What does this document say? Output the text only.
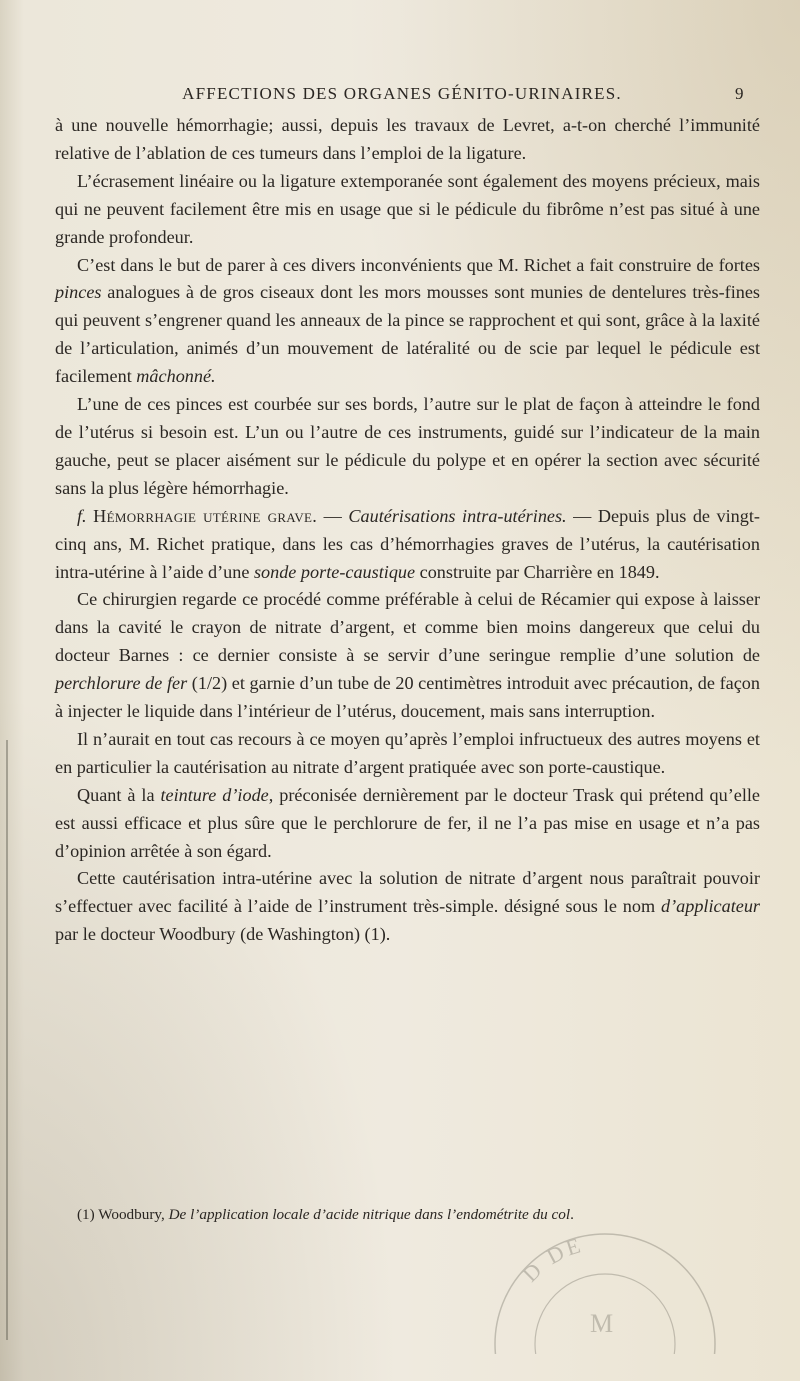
AFFECTIONS DES ORGANES GÉNITO-URINAIRES.	9

à une nouvelle hémorrhagie; aussi, depuis les travaux de Levret, a-t-on cherché l’immunité relative de l’ablation de ces tumeurs dans l’emploi de la ligature.

L’écrasement linéaire ou la ligature extemporanée sont également des moyens précieux, mais qui ne peuvent facilement être mis en usage que si le pédicule du fibrôme n’est pas situé à une grande profondeur.

C’est dans le but de parer à ces divers inconvénients que M. Richet a fait construire de fortes pinces analogues à de gros ciseaux dont les mors mousses sont munies de dentelures très-fines qui peuvent s’engrener quand les anneaux de la pince se rapprochent et qui sont, grâce à la laxité de l’articulation, animés d’un mouvement de latéralité ou de scie par lequel le pédicule est facilement mâchonné.

L’une de ces pinces est courbée sur ses bords, l’autre sur le plat de façon à atteindre le fond de l’utérus si besoin est. L’un ou l’autre de ces instruments, guidé sur l’indicateur de la main gauche, peut se placer aisément sur le pédicule du polype et en opérer la section avec sécurité sans la plus légère hémorrhagie.

f. Hémorrhagie utérine grave. — Cautérisations intra-utérines. — Depuis plus de vingt-cinq ans, M. Richet pratique, dans les cas d’hémorrhagies graves de l’utérus, la cautérisation intra-utérine à l’aide d’une sonde porte-caustique construite par Charrière en 1849.

Ce chirurgien regarde ce procédé comme préférable à celui de Récamier qui expose à laisser dans la cavité le crayon de nitrate d’argent, et comme bien moins dangereux que celui du docteur Barnes : ce dernier consiste à se servir d’une seringue remplie d’une solution de perchlorure de fer (1/2) et garnie d’un tube de 20 centimètres introduit avec précaution, de façon à injecter le liquide dans l’intérieur de l’utérus, doucement, mais sans interruption.

Il n’aurait en tout cas recours à ce moyen qu’après l’emploi infructueux des autres moyens et en particulier la cautérisation au nitrate d’argent pratiquée avec son porte-caustique.

Quant à la teinture d’iode, préconisée dernièrement par le docteur Trask qui prétend qu’elle est aussi efficace et plus sûre que le perchlorure de fer, il ne l’a pas mise en usage et n’a pas d’opinion arrêtée à son égard.

Cette cautérisation intra-utérine avec la solution de nitrate d’argent nous paraîtrait pouvoir s’effectuer avec facilité à l’aide de l’instrument très-simple. désigné sous le nom d’applicateur par le docteur Woodbury (de Washington) (1).

(1) Woodbury, De l’application locale d’acide nitrique dans l’endométrite du col.
D DE
M
